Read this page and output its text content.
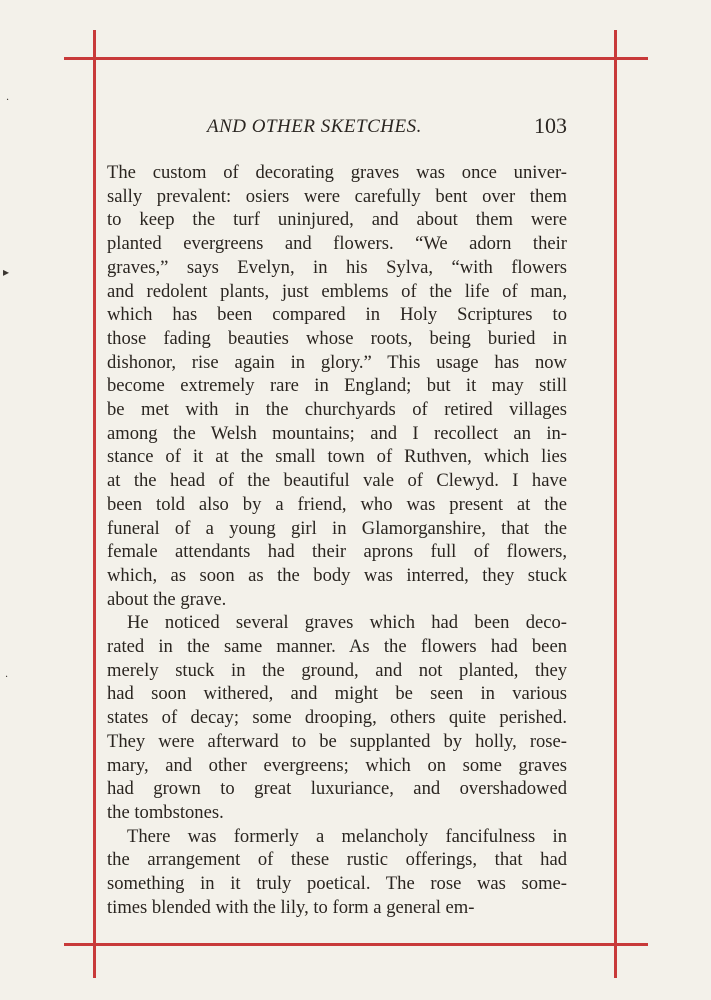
·
▸
·
AND OTHER SKETCHES.	103
The custom of decorating graves was once univer-
sally prevalent: osiers were carefully bent over them
to keep the turf uninjured, and about them were
planted evergreens and flowers. “We adorn their
graves,” says Evelyn, in his Sylva, “with flowers
and redolent plants, just emblems of the life of man,
which has been compared in Holy Scriptures to
those fading beauties whose roots, being buried in
dishonor, rise again in glory.” This usage has now
become extremely rare in England; but it may still
be met with in the churchyards of retired villages
among the Welsh mountains; and I recollect an in-
stance of it at the small town of Ruthven, which lies
at the head of the beautiful vale of Clewyd. I have
been told also by a friend, who was present at the
funeral of a young girl in Glamorganshire, that the
female attendants had their aprons full of flowers,
which, as soon as the body was interred, they stuck
about the grave.
He noticed several graves which had been deco-
rated in the same manner. As the flowers had been
merely stuck in the ground, and not planted, they
had soon withered, and might be seen in various
states of decay; some drooping, others quite perished.
They were afterward to be supplanted by holly, rose-
mary, and other evergreens; which on some graves
had grown to great luxuriance, and overshadowed
the tombstones.
There was formerly a melancholy fancifulness in
the arrangement of these rustic offerings, that had
something in it truly poetical. The rose was some-
times blended with the lily, to form a general em-
